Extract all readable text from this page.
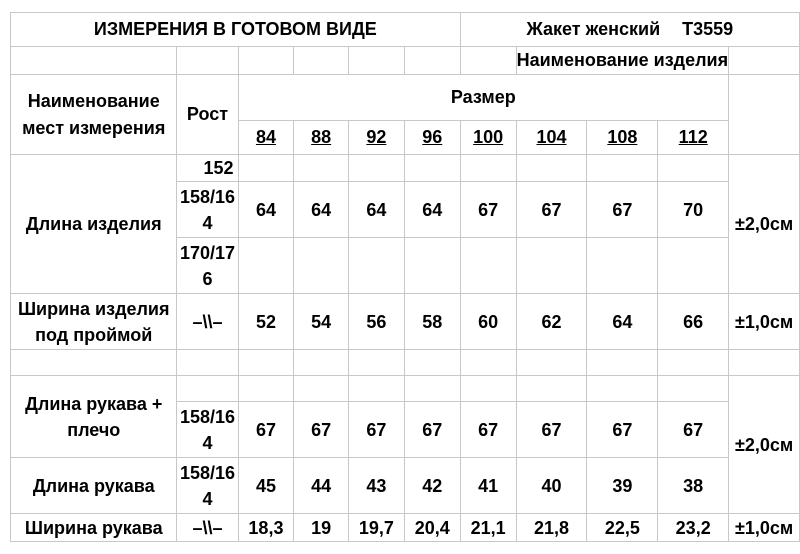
ИЗМЕРЕНИЯ В ГОТОВОМ ВИДЕ						Жакет женский Т3559				
							Наименование изделия			
Наименование мест измерения	Рост	Размер								
		84	88	92	96	100	104	108	112	
Длина изделия	152									±2,0см
	158/164	64	64	64	64	67	67	67	70	
	170/176									
Ширина изделия под проймой	–\\–	52	54	56	58	60	62	64	66	±1,0см

Длина рукава + плечо										±2,0см
	158/164	67	67	67	67	67	67	67	67	
Длина рукава	158/164	45	44	43	42	41	40	39	38	
Ширина рукава	–\\–	18,3	19	19,7	20,4	21,1	21,8	22,5	23,2	±1,0см
